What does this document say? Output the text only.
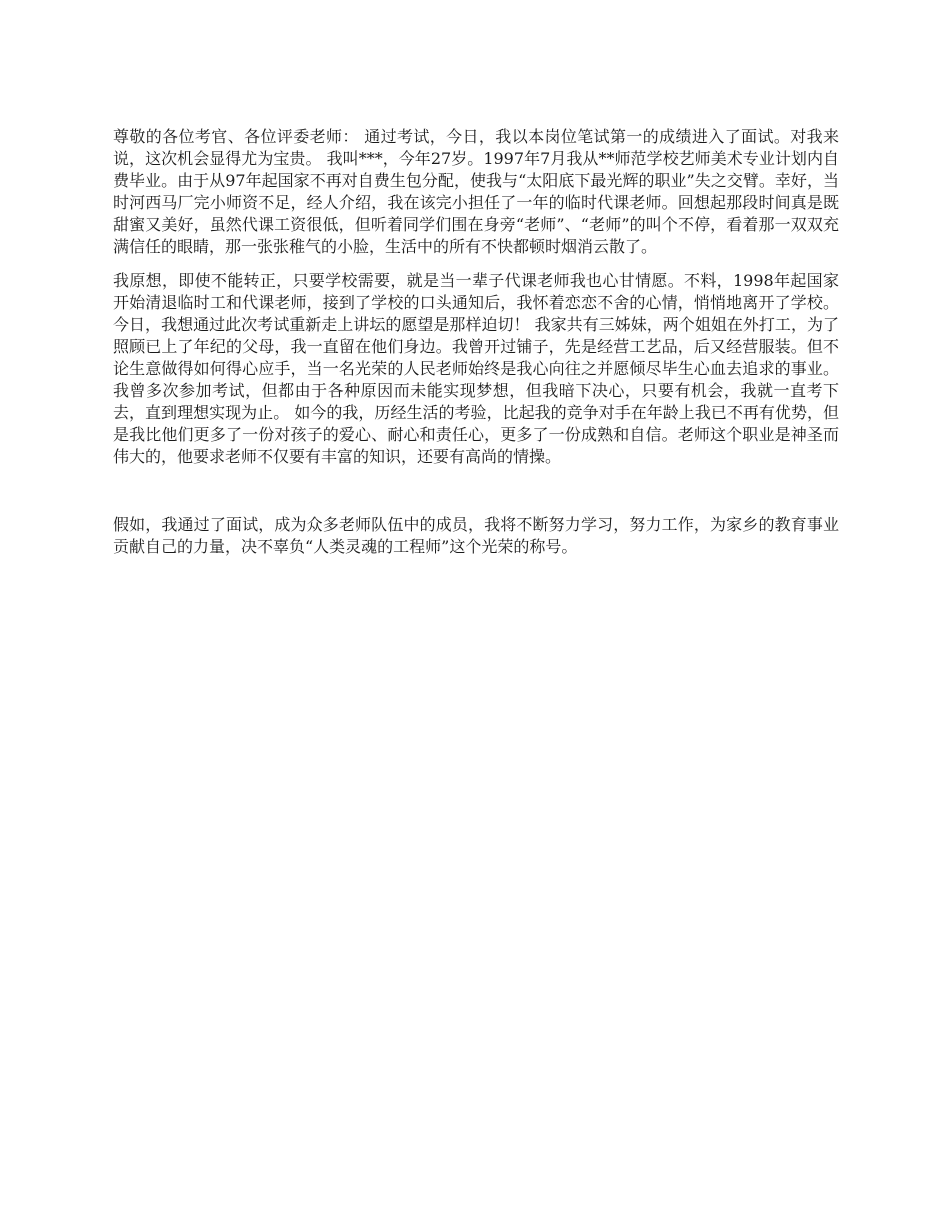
尊敬的各位考官、各位评委老师： 通过考试，今日，我以本岗位笔试第一的成绩进入了面试。对我来说，这次机会显得尤为宝贵。 我叫***，今年27岁。1997年7月我从**师范学校艺师美术专业计划内自费毕业。由于从97年起国家不再对自费生包分配，使我与“太阳底下最光辉的职业”失之交臂。幸好，当时河西马厂完小师资不足，经人介绍，我在该完小担任了一年的临时代课老师。回想起那段时间真是既甜蜜又美好，虽然代课工资很低，但听着同学们围在身旁“老师”、“老师”的叫个不停，看着那一双双充满信任的眼睛，那一张张稚气的小脸，生活中的所有不快都顿时烟消云散了。

我原想，即使不能转正，只要学校需要，就是当一辈子代课老师我也心甘情愿。不料，1998年起国家开始清退临时工和代课老师，接到了学校的口头通知后，我怀着恋恋不舍的心情，悄悄地离开了学校。今日，我想通过此次考试重新走上讲坛的愿望是那样迫切！ 我家共有三姊妹，两个姐姐在外打工，为了照顾已上了年纪的父母，我一直留在他们身边。我曾开过铺子，先是经营工艺品，后又经营服装。但不论生意做得如何得心应手，当一名光荣的人民老师始终是我心向往之并愿倾尽毕生心血去追求的事业。我曾多次参加考试，但都由于各种原因而未能实现梦想，但我暗下决心，只要有机会，我就一直考下去，直到理想实现为止。 如今的我，历经生活的考验，比起我的竞争对手在年龄上我已不再有优势，但是我比他们更多了一份对孩子的爱心、耐心和责任心，更多了一份成熟和自信。老师这个职业是神圣而伟大的，他要求老师不仅要有丰富的知识，还要有高尚的情操。

假如，我通过了面试，成为众多老师队伍中的成员，我将不断努力学习，努力工作，为家乡的教育事业贡献自己的力量，决不辜负“人类灵魂的工程师”这个光荣的称号。
